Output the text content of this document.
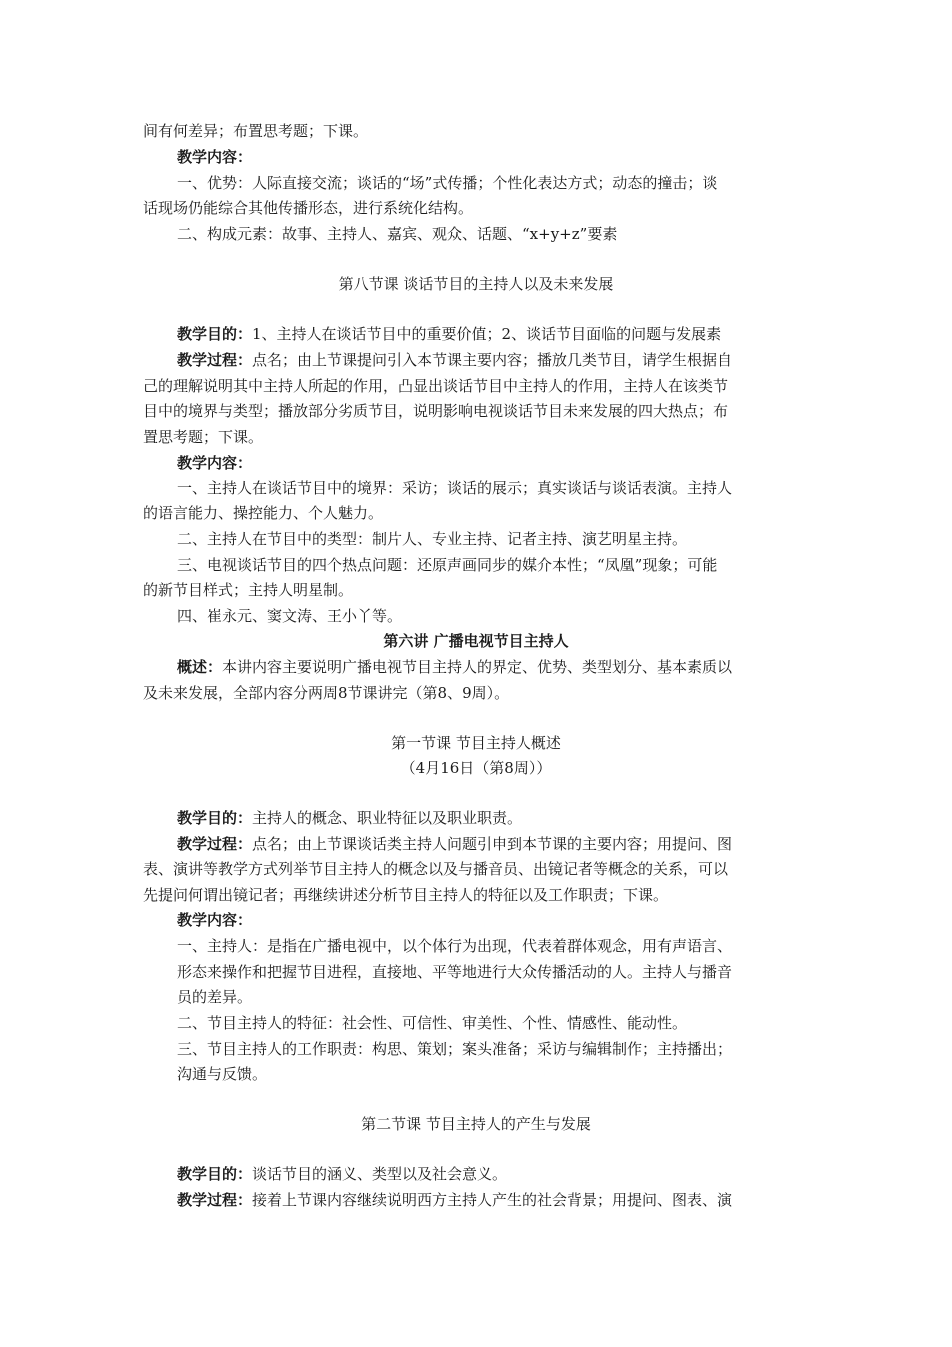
间有何差异；布置思考题；下课。
教学内容：
一、优势：人际直接交流；谈话的“场”式传播；个性化表达方式；动态的撞击；谈
话现场仍能综合其他传播形态，进行系统化结构。
二、构成元素：故事、主持人、嘉宾、观众、话题、“x+y+z”要素
第八节课 谈话节目的主持人以及未来发展
教学目的：1、主持人在谈话节目中的重要价值；2、谈话节目面临的问题与发展素
教学过程：点名；由上节课提问引入本节课主要内容；播放几类节目，请学生根据自
己的理解说明其中主持人所起的作用，凸显出谈话节目中主持人的作用，主持人在该类节
目中的境界与类型；播放部分劣质节目，说明影响电视谈话节目未来发展的四大热点；布
置思考题；下课。
教学内容：
一、主持人在谈话节目中的境界：采访；谈话的展示；真实谈话与谈话表演。主持人
的语言能力、操控能力、个人魅力。
二、主持人在节目中的类型：制片人、专业主持、记者主持、演艺明星主持。
三、电视谈话节目的四个热点问题：还原声画同步的媒介本性；“凤凰”现象；可能
的新节目样式；主持人明星制。
四、崔永元、窦文涛、王小丫等。
第六讲 广播电视节目主持人
概述：本讲内容主要说明广播电视节目主持人的界定、优势、类型划分、基本素质以
及未来发展，全部内容分两周8节课讲完（第8、9周）。
第一节课 节目主持人概述
（4月16日（第8周））
教学目的：主持人的概念、职业特征以及职业职责。
教学过程：点名；由上节课谈话类主持人问题引申到本节课的主要内容；用提问、图
表、演讲等教学方式列举节目主持人的概念以及与播音员、出镜记者等概念的关系，可以
先提问何谓出镜记者；再继续讲述分析节目主持人的特征以及工作职责；下课。
教学内容：
一、主持人：是指在广播电视中，以个体行为出现，代表着群体观念，用有声语言、
形态来操作和把握节目进程，直接地、平等地进行大众传播活动的人。主持人与播音
员的差异。
二、节目主持人的特征：社会性、可信性、审美性、个性、情感性、能动性。
三、节目主持人的工作职责：构思、策划；案头准备；采访与编辑制作；主持播出；
沟通与反馈。
第二节课 节目主持人的产生与发展
教学目的：谈话节目的涵义、类型以及社会意义。
教学过程：接着上节课内容继续说明西方主持人产生的社会背景；用提问、图表、演
